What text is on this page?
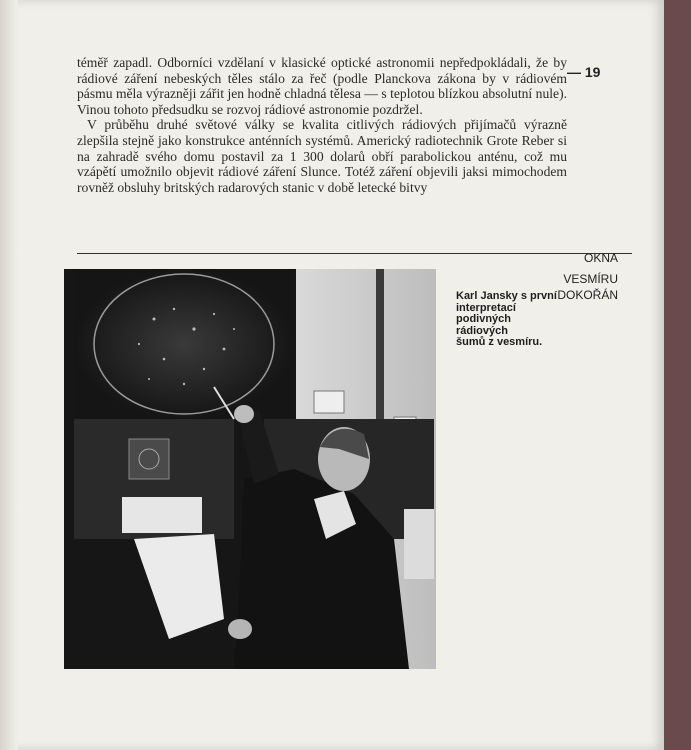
téměř zapadl. Odborníci vzdělaní v klasické optické astronomii nepředpokládali, že by rádiové záření nebeských těles stálo za řeč (podle Planckova zákona by v rádiovém pásmu měla výrazněji zářit jen hodně chladná tělesa — s teplotou blízkou absolutní nule). Vinou tohoto předsudku se rozvoj rádiové astronomie pozdržel.

V průběhu druhé světové války se kvalita citlivých rádiových přijímačů výrazně zlepšila stejně jako konstrukce anténních systémů. Americký radiotechnik Grote Reber si na zahradě svého domu postavil za 1 300 dolarů obří parabolickou anténu, což mu vzápětí umožnilo objevit rádiové záření Slunce. Totéž záření objevili jaksi mimochodem rovněž obsluhy britských radarových stanic v době letecké bitvy

— 19
OKNA
VESMÍRU
DOKOŘÁN
Karl Jansky s první
interpretací
podivných
rádiových
šumů z vesmíru.
